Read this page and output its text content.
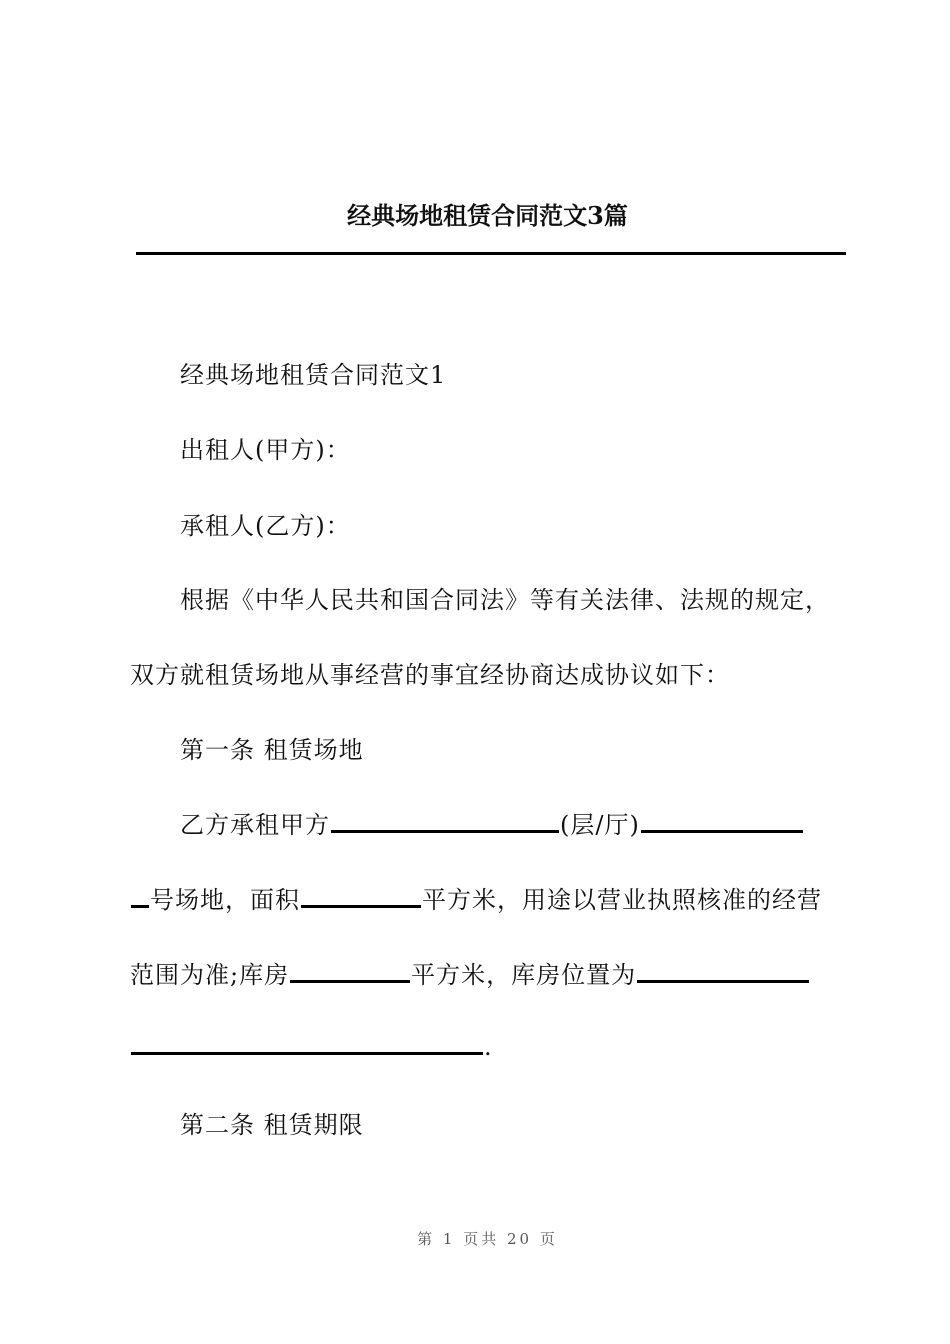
经典场地租赁合同范文3篇
经典场地租赁合同范文1
出租人(甲方)：
承租人(乙方)：
根据《中华人民共和国合同法》等有关法律、法规的规定，
双方就租赁场地从事经营的事宜经协商达成协议如下：
第一条 租赁场地
乙方承租甲方	(层/厅)
号场地，面积	平方米，用途以营业执照核准的经营
范围为准;库房	平方米，库房位置为
.
第二条 租赁期限
第 1 页共 20 页
